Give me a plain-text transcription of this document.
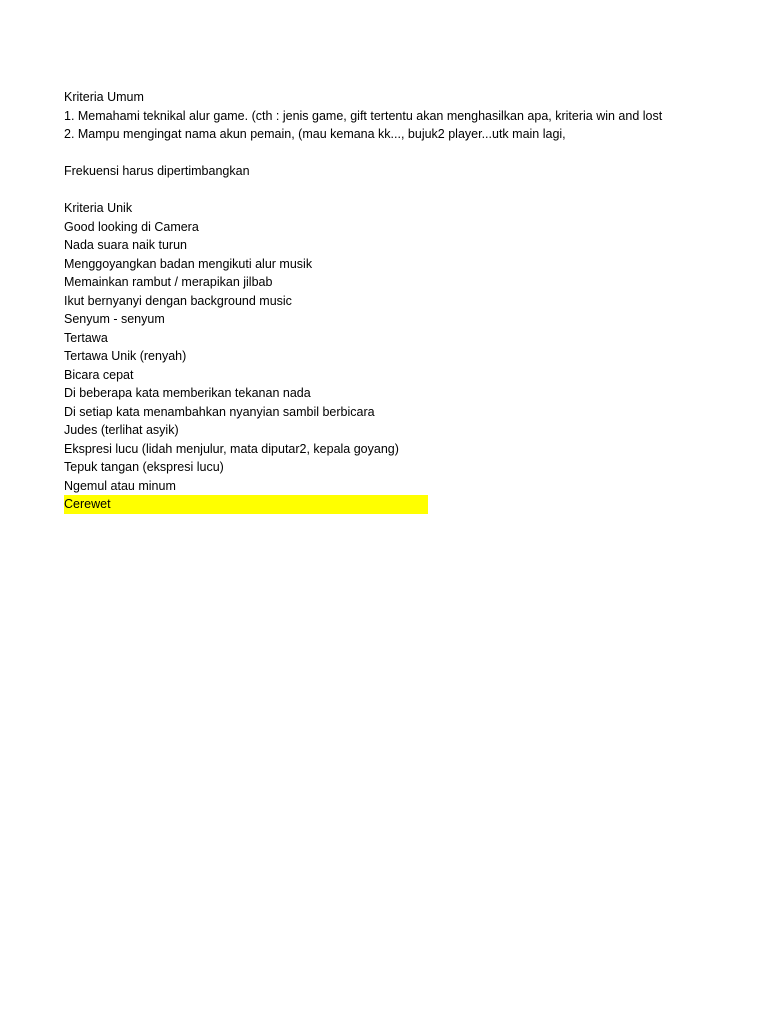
Kriteria Umum
1. Memahami teknikal alur game. (cth : jenis game, gift tertentu akan menghasilkan apa, kriteria win and lost
2. Mampu mengingat nama akun pemain, (mau kemana kk..., bujuk2 player...utk main lagi,
Frekuensi harus dipertimbangkan
Kriteria Unik
Good looking di Camera
Nada suara naik turun
Menggoyangkan badan mengikuti alur musik
Memainkan rambut / merapikan jilbab
Ikut bernyanyi dengan background music
Senyum - senyum
Tertawa
Tertawa Unik (renyah)
Bicara cepat
Di beberapa kata memberikan tekanan nada
Di setiap kata menambahkan nyanyian sambil berbicara
Judes (terlihat asyik)
Ekspresi lucu (lidah menjulur, mata diputar2, kepala goyang)
Tepuk tangan (ekspresi lucu)
Ngemul atau minum
Cerewet
